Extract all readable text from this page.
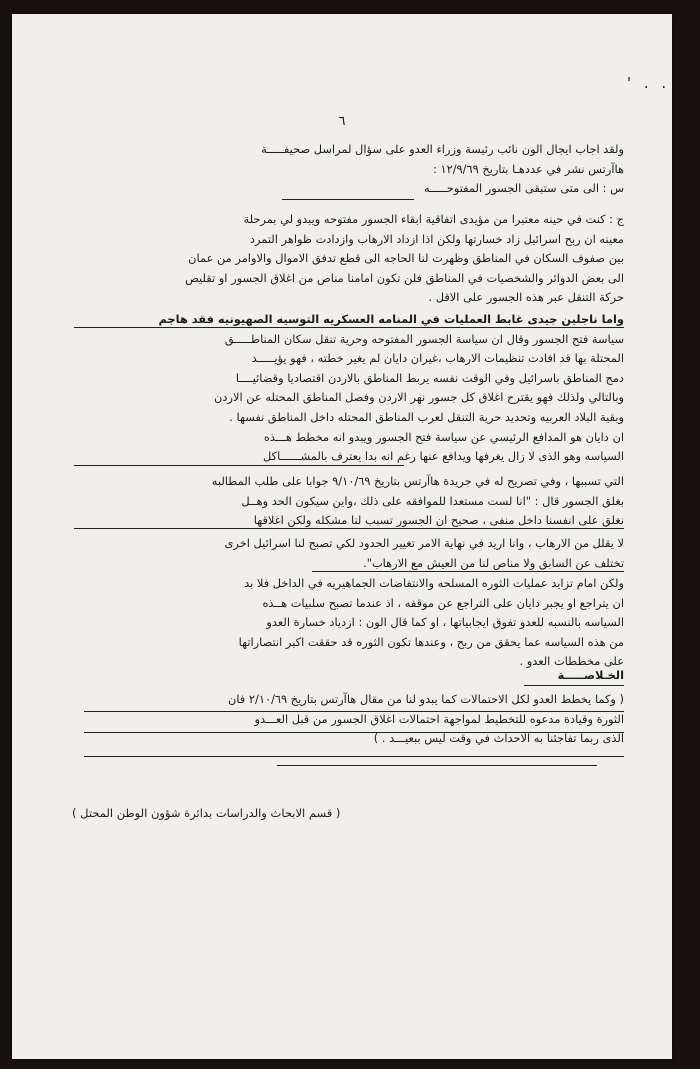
' . .
٦
ولقد اجاب ايجال الون نائب رئيسة وزراء العدو على سؤال لمراسل صحيفـــــة
هاآرتس نشر في عددهـا بتاريخ ١٢/٩/٦٩ :
س : الى متى ستبقى الجسور المفتوحـــــه
ج : كنت في حينه معتبرا من مؤيدى اتفاقية ابقاء الجسور مفتوحه ويبدو لي بمرحلة
معينه ان ربح اسرائيل زاد خسارتها ولكن اذا ازداد الارهاب وازدادت ظواهر التمرد
بين صفوف السكان في المناطق وظهرت لنا الحاجه الى قطع تدفق الاموال والاوامر من عمان
الى بعض الدوائر والشخصيات في المناطق فلن تكون امامنا مناص من اغلاق الجسور او تقليص
حركة التنقل عبر هذه الجسور على الاقل .
واما ناجلين جيدى غابط العمليات في المنامه العسكريه التوسيه الصهيونيه فقد هاجم
سياسة فتح الجسور وقال ان سياسة الجسور المفتوحه وحرية تنقل سكان المناطـــــق
المحتلة بها قد افادت تنظيمات الارهاب ،غيران دايان لم يغير خطته ، فهو يؤيـــــد
دمج المناطق باسرائيل وفي الوقت نفسه يربط المناطق بالاردن اقتصاديا وقضائيــــا
وبالتالي ولذلك فهو يقترح اغلاق كل جسور نهر الاردن وفصل المناطق المحتله عن الاردن
وبقية البلاد العربيه وتحديد حرية التنقل لعرب المناطق المحتله داخل المناطق نفسها .
ان دايان هو المدافع الرئيسي عن سياسة فتح الجسور ويبدو انه مخطط هـــذه
السياسه وهو الذى لا زال يغرفها ويدافع عنها رغم انه بدا يعترف بالمشــــــاكل
التي تسببها ، وفي تصريح له في جريدة هاآرتس بتاريخ ٩/١٠/٦٩ جوابا على طلب المطالبه
بغلق الجسور قال : "انا لست مستعدا للموافقه على ذلك ،واين سيكون الحد وهــل
نغلق على انفسنا داخل منفى ، صحيح ان الجسور تسبب لنا مشكله ولكن اغلاقها
لا يقلل من الارهاب ، وانا اريد في نهاية الامر تغيير الحدود لكي تصبح لنا اسرائيل اخرى
تختلف عن السابق ولا مناص لنا من العيش مع الارهاب".
ولكن امام تزايد عمليات الثوره المسلحه والانتفاضات الجماهيريه في الداخل فلا بد
ان يتراجع او يجبر دايان على التراجع عن موقفه ، اذ عندما تصبح سلبيات هــذه
السياسه بالنسبه للعدو تفوق ايجابياتها ، او كما قال الون : ازدياد خسارة العدو
من هذه السياسه عما يحقق من ربح ، وعندها تكون الثوره قد حققت اكبر انتصاراتها
على مخططات العدو .
الخـلاصـــــة
( وكما يخطط العدو لكل الاحتمالات كما يبدو لنا من مقال هاآرتس بتاريخ ٢/١٠/٦٩ فان
الثورة وقيادة مدعوه للتخطيط لمواجهة احتمالات اغلاق الجسور من قبل العـــدو
الذى ربما تفاجئنا به الاحداث في وقت ليس ببعيـــد . )
( قسم الابحاث والدراسات بدائرة شؤون الوطن المحتل )
